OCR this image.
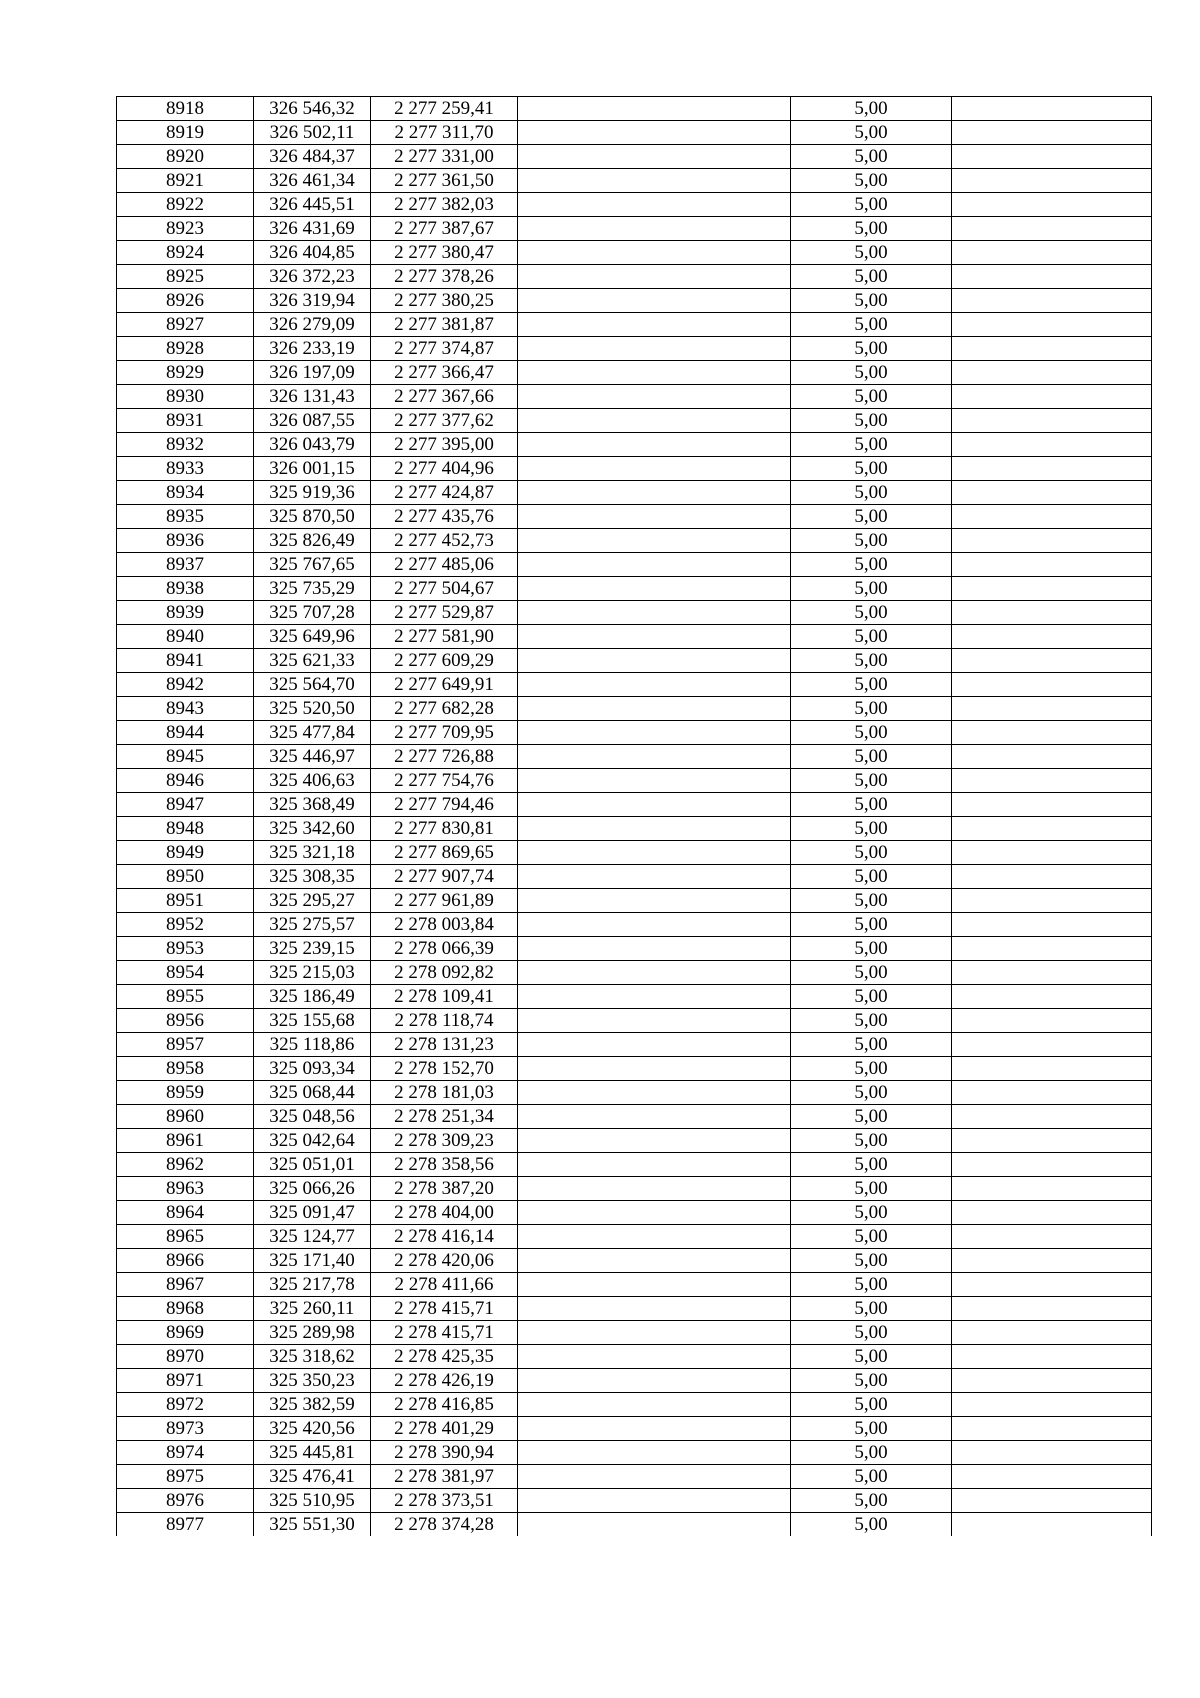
8918	326 546,32	2 277 259,41		5,00	
8919	326 502,11	2 277 311,70		5,00	
8920	326 484,37	2 277 331,00		5,00	
8921	326 461,34	2 277 361,50		5,00	
8922	326 445,51	2 277 382,03		5,00	
8923	326 431,69	2 277 387,67		5,00	
8924	326 404,85	2 277 380,47		5,00	
8925	326 372,23	2 277 378,26		5,00	
8926	326 319,94	2 277 380,25		5,00	
8927	326 279,09	2 277 381,87		5,00	
8928	326 233,19	2 277 374,87		5,00	
8929	326 197,09	2 277 366,47		5,00	
8930	326 131,43	2 277 367,66		5,00	
8931	326 087,55	2 277 377,62		5,00	
8932	326 043,79	2 277 395,00		5,00	
8933	326 001,15	2 277 404,96		5,00	
8934	325 919,36	2 277 424,87		5,00	
8935	325 870,50	2 277 435,76		5,00	
8936	325 826,49	2 277 452,73		5,00	
8937	325 767,65	2 277 485,06		5,00	
8938	325 735,29	2 277 504,67		5,00	
8939	325 707,28	2 277 529,87		5,00	
8940	325 649,96	2 277 581,90		5,00	
8941	325 621,33	2 277 609,29		5,00	
8942	325 564,70	2 277 649,91		5,00	
8943	325 520,50	2 277 682,28		5,00	
8944	325 477,84	2 277 709,95		5,00	
8945	325 446,97	2 277 726,88		5,00	
8946	325 406,63	2 277 754,76		5,00	
8947	325 368,49	2 277 794,46		5,00	
8948	325 342,60	2 277 830,81		5,00	
8949	325 321,18	2 277 869,65		5,00	
8950	325 308,35	2 277 907,74		5,00	
8951	325 295,27	2 277 961,89		5,00	
8952	325 275,57	2 278 003,84		5,00	
8953	325 239,15	2 278 066,39		5,00	
8954	325 215,03	2 278 092,82		5,00	
8955	325 186,49	2 278 109,41		5,00	
8956	325 155,68	2 278 118,74		5,00	
8957	325 118,86	2 278 131,23		5,00	
8958	325 093,34	2 278 152,70		5,00	
8959	325 068,44	2 278 181,03		5,00	
8960	325 048,56	2 278 251,34		5,00	
8961	325 042,64	2 278 309,23		5,00	
8962	325 051,01	2 278 358,56		5,00	
8963	325 066,26	2 278 387,20		5,00	
8964	325 091,47	2 278 404,00		5,00	
8965	325 124,77	2 278 416,14		5,00	
8966	325 171,40	2 278 420,06		5,00	
8967	325 217,78	2 278 411,66		5,00	
8968	325 260,11	2 278 415,71		5,00	
8969	325 289,98	2 278 415,71		5,00	
8970	325 318,62	2 278 425,35		5,00	
8971	325 350,23	2 278 426,19		5,00	
8972	325 382,59	2 278 416,85		5,00	
8973	325 420,56	2 278 401,29		5,00	
8974	325 445,81	2 278 390,94		5,00	
8975	325 476,41	2 278 381,97		5,00	
8976	325 510,95	2 278 373,51		5,00	
8977	325 551,30	2 278 374,28		5,00	
